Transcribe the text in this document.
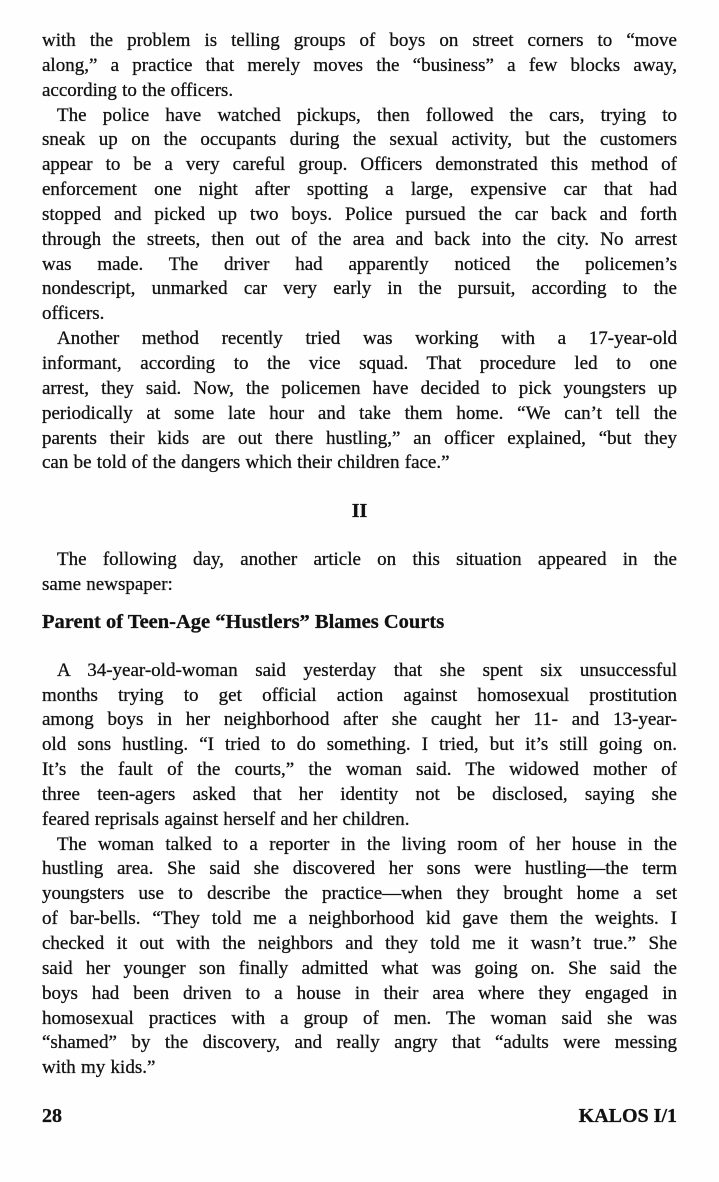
with the problem is telling groups of boys on street corners to “move
along,” a practice that merely moves the “business” a few blocks away,
according to the officers.
The police have watched pickups, then followed the cars, trying to
sneak up on the occupants during the sexual activity, but the customers
appear to be a very careful group. Officers demonstrated this method of
enforcement one night after spotting a large, expensive car that had
stopped and picked up two boys. Police pursued the car back and forth
through the streets, then out of the area and back into the city. No arrest
was made. The driver had apparently noticed the policemen’s
nondescript, unmarked car very early in the pursuit, according to the
officers.
Another method recently tried was working with a 17-year-old
informant, according to the vice squad. That procedure led to one
arrest, they said. Now, the policemen have decided to pick youngsters up
periodically at some late hour and take them home. “We can’t tell the
parents their kids are out there hustling,” an officer explained, “but they
can be told of the dangers which their children face.”
II
The following day, another article on this situation appeared in the
same newspaper:
Parent of Teen-Age “Hustlers” Blames Courts
A 34-year-old-woman said yesterday that she spent six unsuccessful
months trying to get official action against homosexual prostitution
among boys in her neighborhood after she caught her 11- and 13-year-
old sons hustling. “I tried to do something. I tried, but it’s still going on.
It’s the fault of the courts,” the woman said. The widowed mother of
three teen-agers asked that her identity not be disclosed, saying she
feared reprisals against herself and her children.
The woman talked to a reporter in the living room of her house in the
hustling area. She said she discovered her sons were hustling—the term
youngsters use to describe the practice—when they brought home a set
of bar-bells. “They told me a neighborhood kid gave them the weights. I
checked it out with the neighbors and they told me it wasn’t true.” She
said her younger son finally admitted what was going on. She said the
boys had been driven to a house in their area where they engaged in
homosexual practices with a group of men. The woman said she was
“shamed” by the discovery, and really angry that “adults were messing
with my kids.”
28	KALOS I/1
